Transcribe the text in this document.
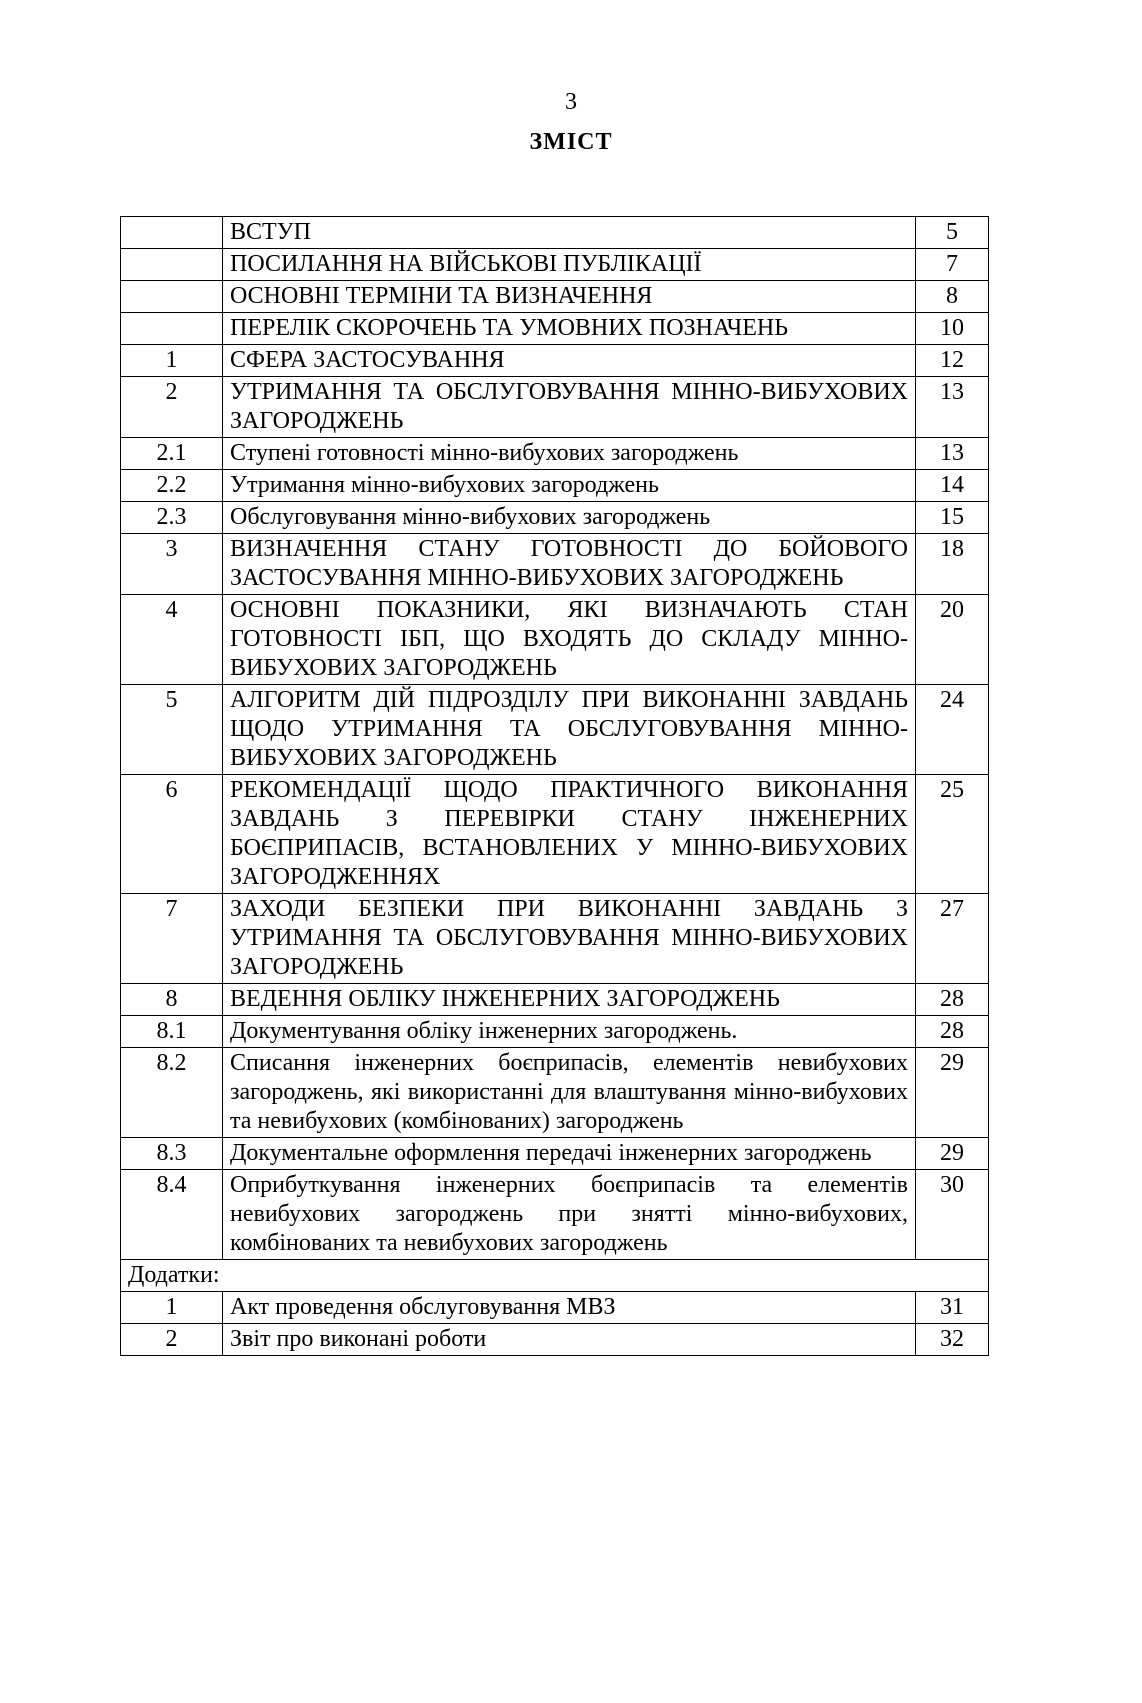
3
ЗМІСТ
	ВСТУП	5
	ПОСИЛАННЯ НА ВІЙСЬКОВІ ПУБЛІКАЦІЇ	7
	ОСНОВНІ ТЕРМІНИ ТА ВИЗНАЧЕННЯ	8
	ПЕРЕЛІК СКОРОЧЕНЬ ТА УМОВНИХ ПОЗНАЧЕНЬ	10
1	СФЕРА ЗАСТОСУВАННЯ	12
2	УТРИМАННЯ ТА ОБСЛУГОВУВАННЯ МІННО-ВИБУХОВИХ ЗАГОРОДЖЕНЬ	13
2.1	Ступені готовності мінно-вибухових загороджень	13
2.2	Утримання мінно-вибухових загороджень	14
2.3	Обслуговування мінно-вибухових загороджень	15
3	ВИЗНАЧЕННЯ СТАНУ ГОТОВНОСТІ ДО БОЙОВОГО ЗАСТОСУВАННЯ МІННО-ВИБУХОВИХ ЗАГОРОДЖЕНЬ	18
4	ОСНОВНІ ПОКАЗНИКИ, ЯКІ ВИЗНАЧАЮТЬ СТАН ГОТОВНОСТІ ІБП, ЩО ВХОДЯТЬ ДО СКЛАДУ МІННО-ВИБУХОВИХ ЗАГОРОДЖЕНЬ	20
5	АЛГОРИТМ ДІЙ ПІДРОЗДІЛУ ПРИ ВИКОНАННІ ЗАВДАНЬ ЩОДО УТРИМАННЯ ТА ОБСЛУГОВУВАННЯ МІННО-ВИБУХОВИХ ЗАГОРОДЖЕНЬ	24
6	РЕКОМЕНДАЦІЇ ЩОДО ПРАКТИЧНОГО ВИКОНАННЯ ЗАВДАНЬ З ПЕРЕВІРКИ СТАНУ ІНЖЕНЕРНИХ БОЄПРИПАСІВ, ВСТАНОВЛЕНИХ У МІННО-ВИБУХОВИХ ЗАГОРОДЖЕННЯХ	25
7	ЗАХОДИ БЕЗПЕКИ ПРИ ВИКОНАННІ ЗАВДАНЬ З УТРИМАННЯ ТА ОБСЛУГОВУВАННЯ МІННО-ВИБУХОВИХ ЗАГОРОДЖЕНЬ	27
8	ВЕДЕННЯ ОБЛІКУ ІНЖЕНЕРНИХ ЗАГОРОДЖЕНЬ	28
8.1	Документування обліку інженерних загороджень.	28
8.2	Списання інженерних боєприпасів, елементів невибухових загороджень, які використанні для влаштування мінно-вибухових та невибухових (комбінованих) загороджень	29
8.3	Документальне оформлення передачі інженерних загороджень	29
8.4	Оприбуткування інженерних боєприпасів та елементів невибухових загороджень при знятті мінно-вибухових, комбінованих та невибухових загороджень	30
Додатки:		
1	Акт проведення обслуговування МВЗ	31
2	Звіт про виконані роботи	32
